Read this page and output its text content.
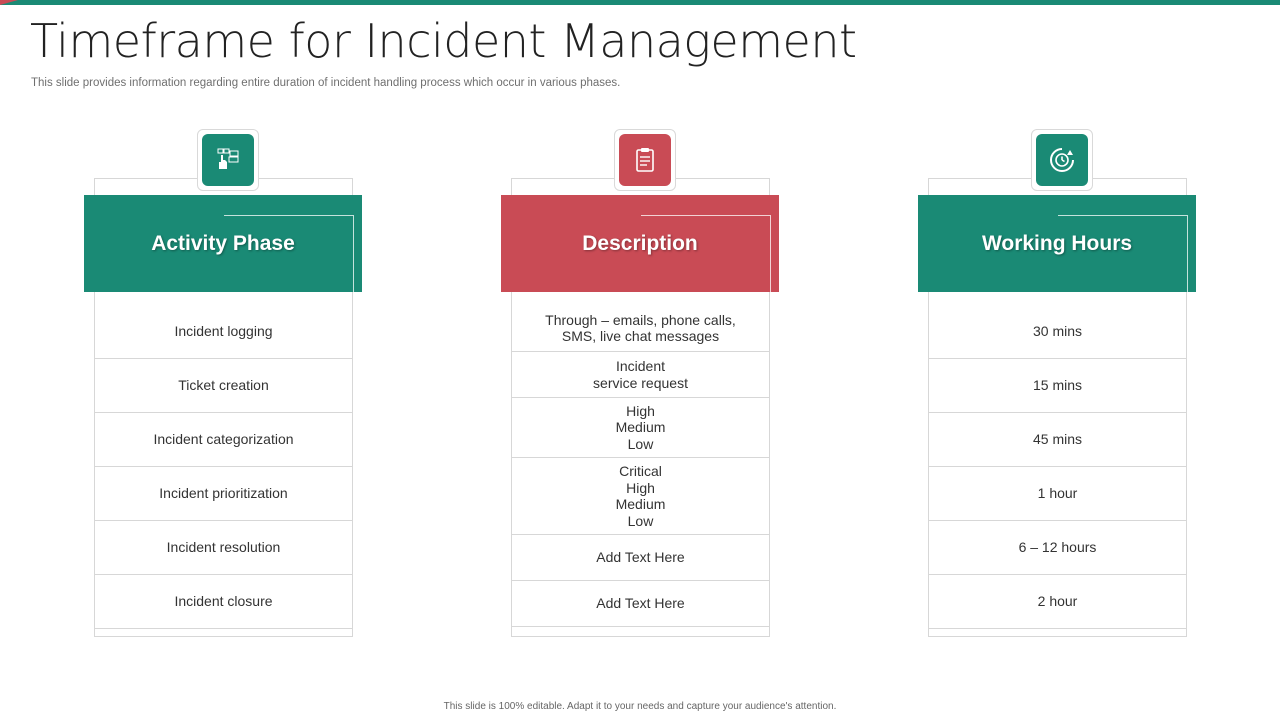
Timeframe for Incident Management
This slide provides information regarding entire duration of incident handling process which occur in various phases.
Activity Phase
Incident logging
Ticket creation
Incident categorization
Incident prioritization
Incident resolution
Incident closure
Description
Through – emails, phone calls,
SMS, live chat messages
Incident
service request
High
Medium
Low
Critical
High
Medium
Low
Add Text Here
Add Text Here
Working Hours
30 mins
15 mins
45 mins
1 hour
6 – 12 hours
2 hour
This slide is 100% editable. Adapt it to your needs and capture your audience's attention.
